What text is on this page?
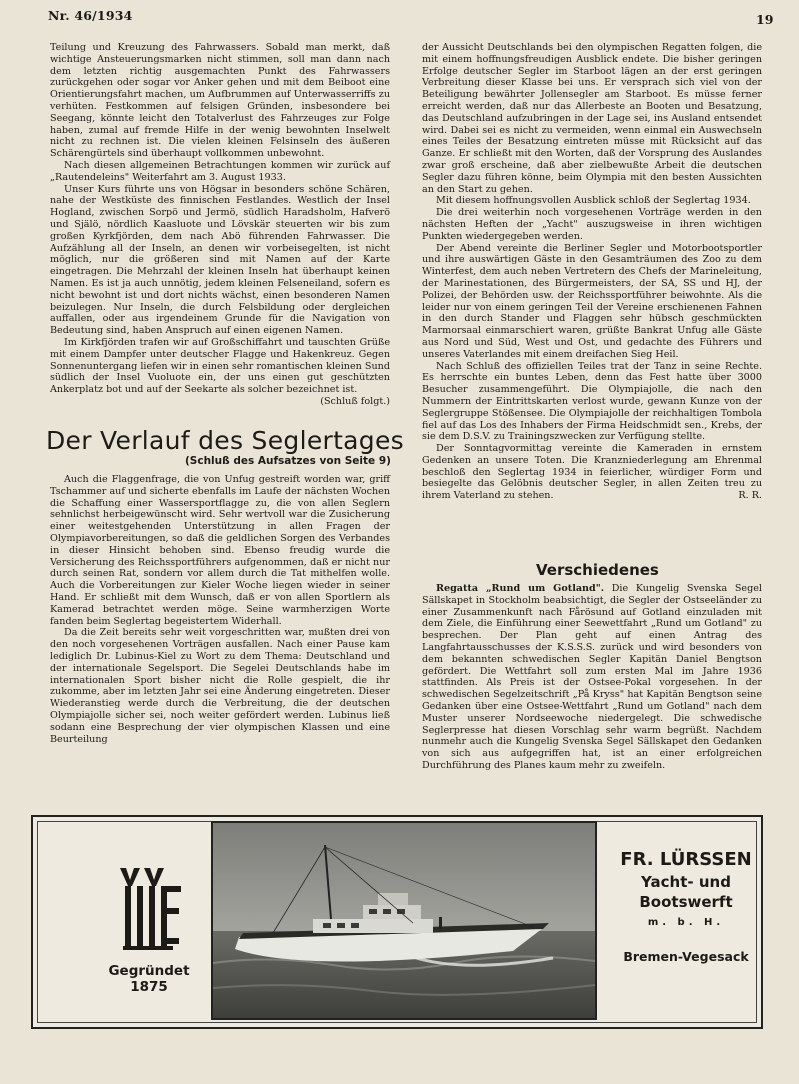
Nr. 46/1934	19

Teilung und Kreuzung des Fahrwassers. Sobald man merkt, daß wichtige Ansteuerungsmarken nicht stimmen, soll man dann nach dem letzten richtig ausgemachten Punkt des Fahrwassers zurückgehen oder sogar vor Anker gehen und mit dem Beiboot eine Orientierungsfahrt machen, um Aufbrummen auf Unterwasserriffs zu verhüten. Festkommen auf felsigen Gründen, insbesondere bei Seegang, könnte leicht den Totalverlust des Fahrzeuges zur Folge haben, zumal auf fremde Hilfe in der wenig bewohnten Inselwelt nicht zu rechnen ist. Die vielen kleinen Felsinseln des äußeren Schärengürtels sind überhaupt vollkommen unbewohnt.

Nach diesen allgemeinen Betrachtungen kommen wir zurück auf „Rautendeleins" Weiterfahrt am 3. August 1933.

Unser Kurs führte uns von Högsar in besonders schöne Schären, nahe der Westküste des finnischen Festlandes. Westlich der Insel Hogland, zwischen Sorpö und Jermö, südlich Haradsholm, Hafverö und Själö, nördlich Kaasluote und Lövskär steuerten wir bis zum großen Kyrkfjörden, dem nach Abö führenden Fahrwasser. Die Aufzählung all der Inseln, an denen wir vorbeisegelten, ist nicht möglich, nur die größeren sind mit Namen auf der Karte eingetragen. Die Mehrzahl der kleinen Inseln hat überhaupt keinen Namen. Es ist ja auch unnötig, jedem kleinen Felseneiland, sofern es nicht bewohnt ist und dort nichts wächst, einen besonderen Namen beizulegen. Nur Inseln, die durch Felsbildung oder dergleichen auffallen, oder aus irgendeinem Grunde für die Navigation von Bedeutung sind, haben Anspruch auf einen eigenen Namen.

Im Kirkfjörden trafen wir auf Großschiffahrt und tauschten Grüße mit einem Dampfer unter deutscher Flagge und Hakenkreuz. Gegen Sonnenuntergang liefen wir in einen sehr romantischen kleinen Sund südlich der Insel Vuoluote ein, der uns einen gut geschützten Ankerplatz bot und auf der Seekarte als solcher bezeichnet ist.
(Schluß folgt.)

Der Verlauf des Seglertages
(Schluß des Aufsatzes von Seite 9)

Auch die Flaggenfrage, die von Unfug gestreift worden war, griff Tschammer auf und sicherte ebenfalls im Laufe der nächsten Wochen die Schaffung einer Wassersportflagge zu, die von allen Seglern sehnlichst herbeigewünscht wird. Sehr wertvoll war die Zusicherung einer weitestgehenden Unterstützung in allen Fragen der Olympiavorbereitungen, so daß die geldlichen Sorgen des Verbandes in dieser Hinsicht behoben sind. Ebenso freudig wurde die Versicherung des Reichssportführers aufgenommen, daß er nicht nur durch seinen Rat, sondern vor allem durch die Tat mithelfen wolle. Auch die Vorbereitungen zur Kieler Woche liegen wieder in seiner Hand. Er schließt mit dem Wunsch, daß er von allen Sportlern als Kamerad betrachtet werden möge. Seine warmherzigen Worte fanden beim Seglertag begeistertem Widerhall.

Da die Zeit bereits sehr weit vorgeschritten war, mußten drei von den noch vorgesehenen Vorträgen ausfallen. Nach einer Pause kam lediglich Dr. Lubinus-Kiel zu Wort zu dem Thema: Deutschland und der internationale Segelsport. Die Segelei Deutschlands habe im internationalen Sport bisher nicht die Rolle gespielt, die ihr zukomme, aber im letzten Jahr sei eine Änderung eingetreten. Dieser Wiederanstieg werde durch die Verbreitung, die der deutschen Olympiajolle sicher sei, noch weiter gefördert werden. Lubinus ließ sodann eine Besprechung der vier olympischen Klassen und eine Beurteilung

der Aussicht Deutschlands bei den olympischen Regatten folgen, die mit einem hoffnungsfreudigen Ausblick endete. Die bisher geringen Erfolge deutscher Segler im Starboot lägen an der erst geringen Verbreitung dieser Klasse bei uns. Er versprach sich viel von der Beteiligung bewährter Jollensegler am Starboot. Es müsse ferner erreicht werden, daß nur das Allerbeste an Booten und Besatzung, das Deutschland aufzubringen in der Lage sei, ins Ausland entsendet wird. Dabei sei es nicht zu vermeiden, wenn einmal ein Auswechseln eines Teiles der Besatzung eintreten müsse mit Rücksicht auf das Ganze. Er schließt mit den Worten, daß der Vorsprung des Auslandes zwar groß erscheine, daß aber zielbewußte Arbeit die deutschen Segler dazu führen könne, beim Olympia mit den besten Aussichten an den Start zu gehen.

Mit diesem hoffnungsvollen Ausblick schloß der Seglertag 1934.

Die drei weiterhin noch vorgesehenen Vorträge werden in den nächsten Heften der „Yacht" auszugsweise in ihren wichtigen Punkten wiedergegeben werden.

Der Abend vereinte die Berliner Segler und Motorbootsportler und ihre auswärtigen Gäste in den Gesamträumen des Zoo zu dem Winterfest, dem auch neben Vertretern des Chefs der Marineleitung, der Marinestationen, des Bürgermeisters, der SA, SS und HJ, der Polizei, der Behörden usw. der Reichssportführer beiwohnte. Als die leider nur von einem geringen Teil der Vereine erschienenen Fahnen in den durch Stander und Flaggen sehr hübsch geschmückten Marmorsaal einmarschiert waren, grüßte Bankrat Unfug alle Gäste aus Nord und Süd, West und Ost, und gedachte des Führers und unseres Vaterlandes mit einem dreifachen Sieg Heil.

Nach Schluß des offiziellen Teiles trat der Tanz in seine Rechte. Es herrschte ein buntes Leben, denn das Fest hatte über 3000 Besucher zusammengeführt. Die Olympiajolle, die nach den Nummern der Eintrittskarten verlost wurde, gewann Kunze von der Seglergruppe Stößensee. Die Olympiajolle der reichhaltigen Tombola fiel auf das Los des Inhabers der Firma Heidschmidt sen., Krebs, der sie dem D.S.V. zu Trainingszwecken zur Verfügung stellte.

Der Sonntagvormittag vereinte die Kameraden in ernstem Gedenken an unsere Toten. Die Kranzniederlegung am Ehrenmal beschloß den Seglertag 1934 in feierlicher, würdiger Form und besiegelte das Gelöbnis deutscher Segler, in allen Zeiten treu zu ihrem Vaterland zu stehen.	R. R.

Verschiedenes

Regatta „Rund um Gotland". Die Kungelig Svenska Segel Sällskapet in Stockholm beabsichtigt, die Segler der Ostseeländer zu einer Zusammenkunft nach Fårösund auf Gotland einzuladen mit dem Ziele, die Einführung einer Seewettfahrt „Rund um Gotland" zu besprechen. Der Plan geht auf einen Antrag des Langfahrtausschusses der K.S.S.S. zurück und wird besonders von dem bekannten schwedischen Segler Kapitän Daniel Bengtson gefördert. Die Wettfahrt soll zum ersten Mal im Jahre 1936 stattfinden. Als Preis ist der Ostsee-Pokal vorgesehen. In der schwedischen Segelzeitschrift „På Kryss" hat Kapitän Bengtson seine Gedanken über eine Ostsee-Wettfahrt „Rund um Gotland" nach dem Muster unserer Nordseewoche niedergelegt. Die schwedische Seglerpresse hat diesen Vorschlag sehr warm begrüßt. Nachdem nunmehr auch die Kungelig Svenska Segel Sällskapet den Gedanken von sich aus aufgegriffen hat, ist an einer erfolgreichen Durchführung des Planes kaum mehr zu zweifeln.

Gegründet 1875
FR. LÜRSSEN
Yacht- und
Bootswerft
m. b. H.
Bremen-Vegesack
